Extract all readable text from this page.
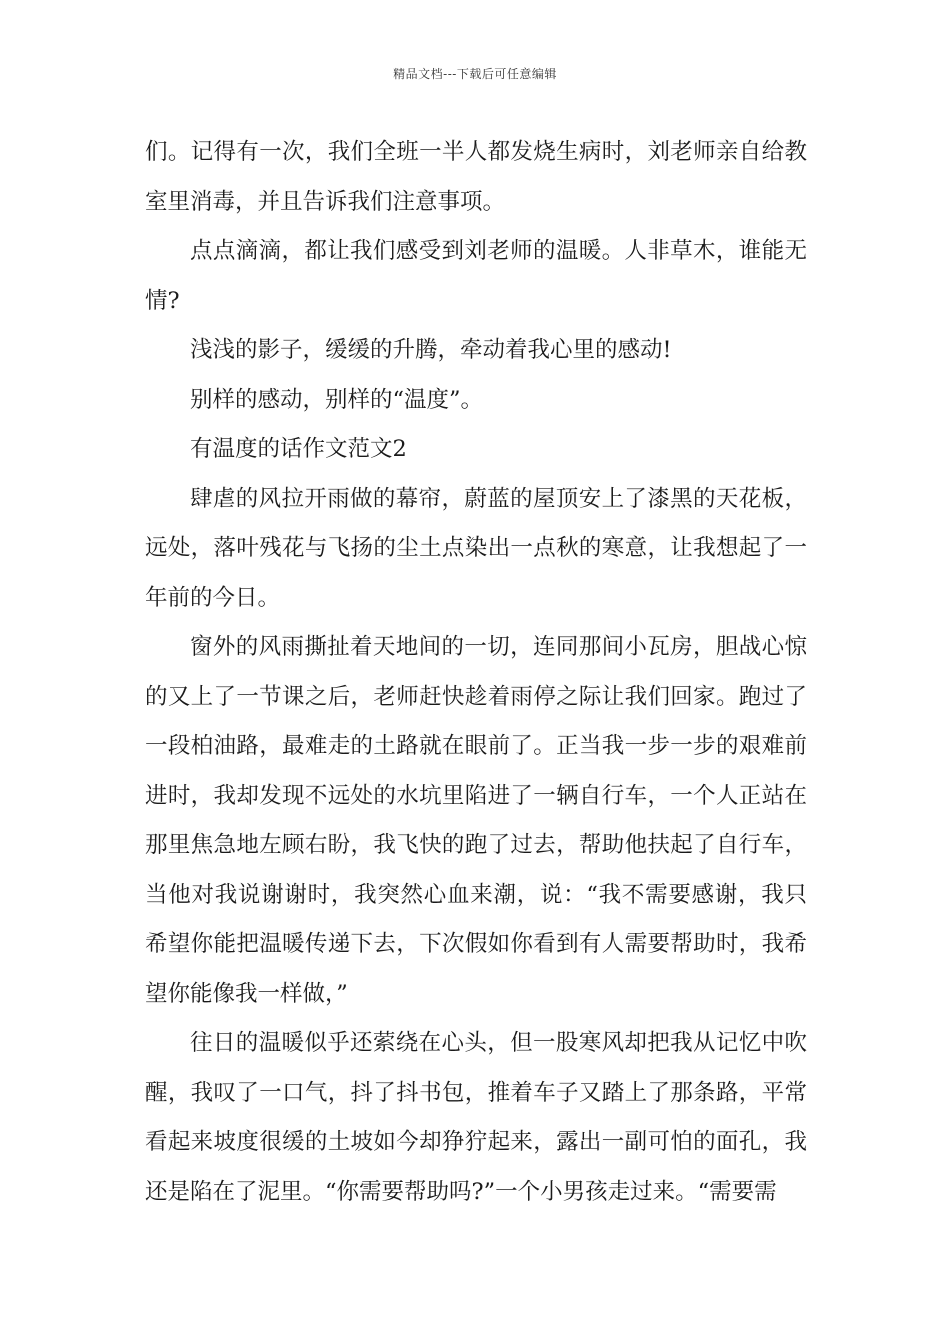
精品文档---下载后可任意编辑

们。记得有一次，我们全班一半人都发烧生病时，刘老师亲自给教室里消毒，并且告诉我们注意事项。

点点滴滴，都让我们感受到刘老师的温暖。人非草木，谁能无情?

浅浅的影子，缓缓的升腾，牵动着我心里的感动!

别样的感动，别样的“温度”。

有温度的话作文范文2

肆虐的风拉开雨做的幕帘，蔚蓝的屋顶安上了漆黑的天花板，远处，落叶残花与飞扬的尘土点染出一点秋的寒意，让我想起了一年前的今日。

窗外的风雨撕扯着天地间的一切，连同那间小瓦房，胆战心惊的又上了一节课之后，老师赶快趁着雨停之际让我们回家。跑过了一段柏油路，最难走的土路就在眼前了。正当我一步一步的艰难前进时，我却发现不远处的水坑里陷进了一辆自行车，一个人正站在那里焦急地左顾右盼，我飞快的跑了过去，帮助他扶起了自行车，当他对我说谢谢时，我突然心血来潮，说：“我不需要感谢，我只希望你能把温暖传递下去，下次假如你看到有人需要帮助时，我希望你能像我一样做，”

往日的温暖似乎还萦绕在心头，但一股寒风却把我从记忆中吹醒，我叹了一口气，抖了抖书包，推着车子又踏上了那条路，平常看起来坡度很缓的土坡如今却狰狞起来，露出一副可怕的面孔，我还是陷在了泥里。“你需要帮助吗?”一个小男孩走过来。“需要需
